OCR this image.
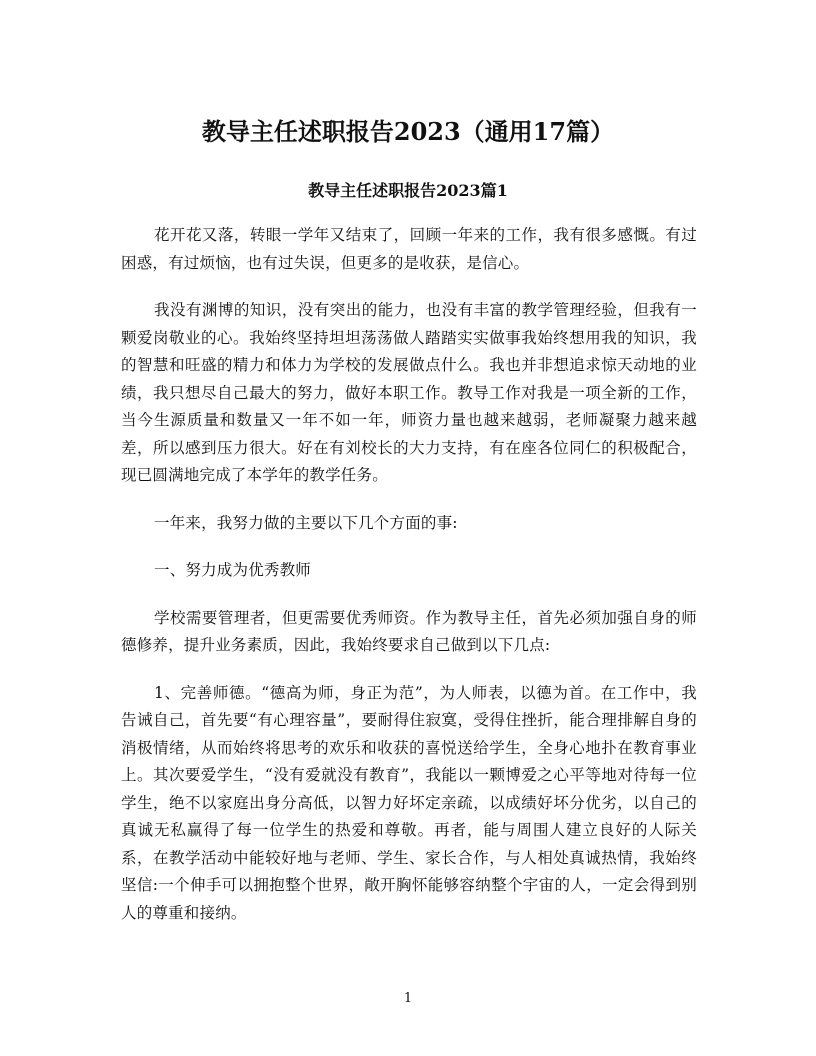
教导主任述职报告2023（通用17篇）
教导主任述职报告2023篇1

花开花又落，转眼一学年又结束了，回顾一年来的工作，我有很多感慨。有过困惑，有过烦恼，也有过失误，但更多的是收获，是信心。

我没有渊博的知识，没有突出的能力，也没有丰富的教学管理经验，但我有一颗爱岗敬业的心。我始终坚持坦坦荡荡做人踏踏实实做事我始终想用我的知识，我的智慧和旺盛的精力和体力为学校的发展做点什么。我也并非想追求惊天动地的业绩，我只想尽自己最大的努力，做好本职工作。教导工作对我是一项全新的工作，当今生源质量和数量又一年不如一年，师资力量也越来越弱，老师凝聚力越来越差，所以感到压力很大。好在有刘校长的大力支持，有在座各位同仁的积极配合，现已圆满地完成了本学年的教学任务。

一年来，我努力做的主要以下几个方面的事:

一、努力成为优秀教师

学校需要管理者，但更需要优秀师资。作为教导主任，首先必须加强自身的师德修养，提升业务素质，因此，我始终要求自己做到以下几点:

1、完善师德。“德高为师，身正为范”，为人师表，以德为首。在工作中，我告诫自己，首先要“有心理容量”，要耐得住寂寞，受得住挫折，能合理排解自身的消极情绪，从而始终将思考的欢乐和收获的喜悦送给学生，全身心地扑在教育事业上。其次要爱学生，“没有爱就没有教育”，我能以一颗博爱之心平等地对待每一位学生，绝不以家庭出身分高低，以智力好坏定亲疏，以成绩好坏分优劣，以自己的真诚无私赢得了每一位学生的热爱和尊敬。再者，能与周围人建立良好的人际关系，在教学活动中能较好地与老师、学生、家长合作，与人相处真诚热情，我始终坚信:一个伸手可以拥抱整个世界，敞开胸怀能够容纳整个宇宙的人，一定会得到别人的尊重和接纳。

1
